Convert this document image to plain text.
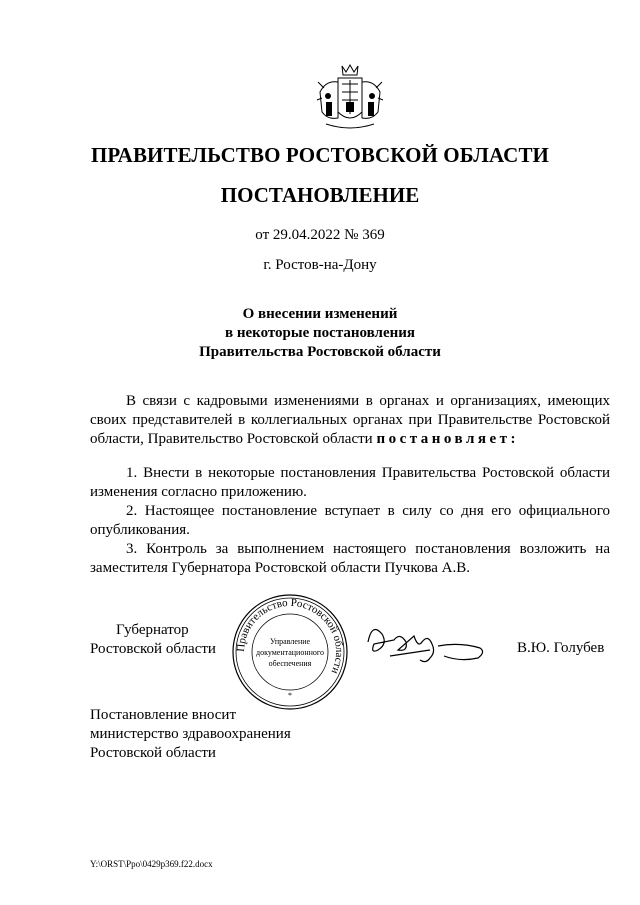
ПРАВИТЕЛЬСТВО РОСТОВСКОЙ ОБЛАСТИ
ПОСТАНОВЛЕНИЕ
от 29.04.2022 № 369
г. Ростов-на-Дону
О внесении изменений
в некоторые постановления
Правительства Ростовской области
В связи с кадровыми изменениями в органах и организациях, имеющих своих представителей в коллегиальных органах при Правительстве Ростовской области, Правительство Ростовской области постановляет:
1. Внести в некоторые постановления Правительства Ростовской области изменения согласно приложению.
2. Настоящее постановление вступает в силу со дня его официального опубликования.
3. Контроль за выполнением настоящего постановления возложить на заместителя Губернатора Ростовской области Пучкова А.В.
Губернатор
Ростовской области Правительство Ростовской области
Управление
документационного
обеспечения
*
В.Ю. Голубев
Постановление вносит
министерство здравоохранения
Ростовской области
Y:\ORST\Ppo\0429p369.f22.docx
